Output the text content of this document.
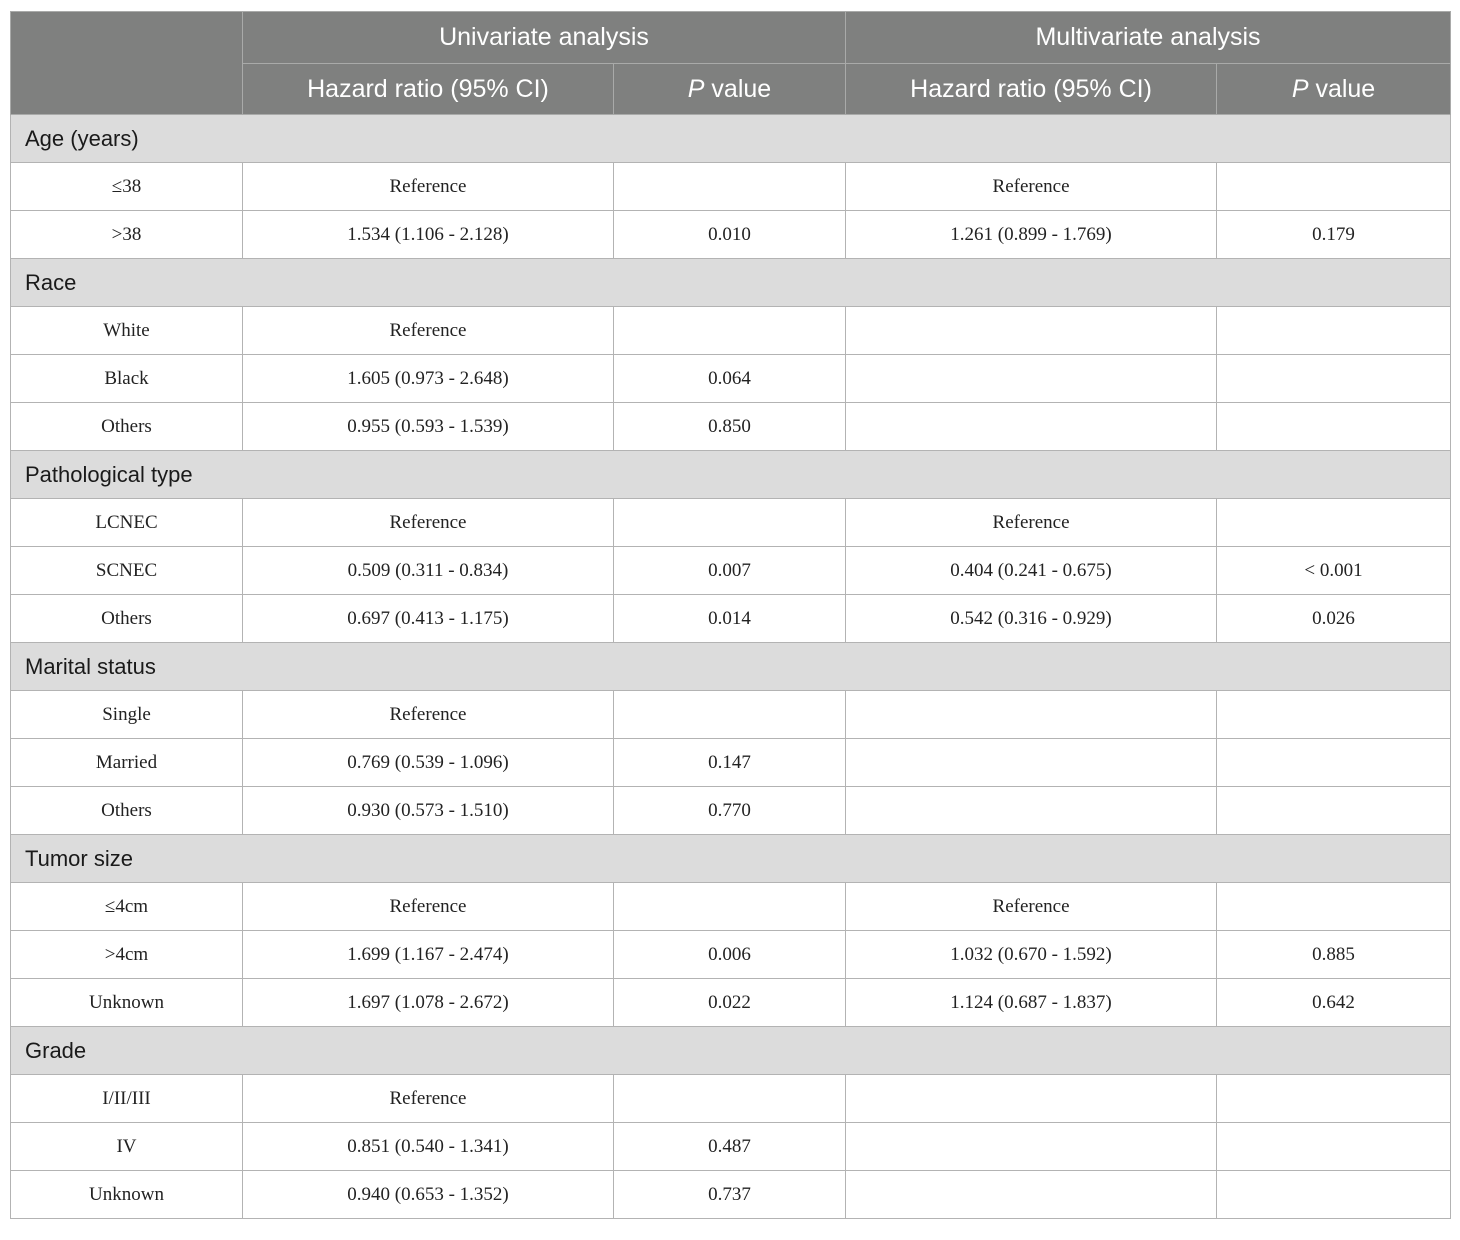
	Univariate analysis		Multivariate analysis	
	Hazard ratio (95% CI)	P value	Hazard ratio (95% CI)	P value
Age (years)				
≤38	Reference		Reference	
>38	1.534 (1.106 - 2.128)	0.010	1.261 (0.899 - 1.769)	0.179
Race				
White	Reference			
Black	1.605 (0.973 - 2.648)	0.064		
Others	0.955 (0.593 - 1.539)	0.850		
Pathological type				
LCNEC	Reference		Reference	
SCNEC	0.509 (0.311 - 0.834)	0.007	0.404 (0.241 - 0.675)	< 0.001
Others	0.697 (0.413 - 1.175)	0.014	0.542 (0.316 - 0.929)	0.026
Marital status				
Single	Reference			
Married	0.769 (0.539 - 1.096)	0.147		
Others	0.930 (0.573 - 1.510)	0.770		
Tumor size				
≤4cm	Reference		Reference	
>4cm	1.699 (1.167 - 2.474)	0.006	1.032 (0.670 - 1.592)	0.885
Unknown	1.697 (1.078 - 2.672)	0.022	1.124 (0.687 - 1.837)	0.642
Grade				
I/II/III	Reference			
IV	0.851 (0.540 - 1.341)	0.487		
Unknown	0.940 (0.653 - 1.352)	0.737		
